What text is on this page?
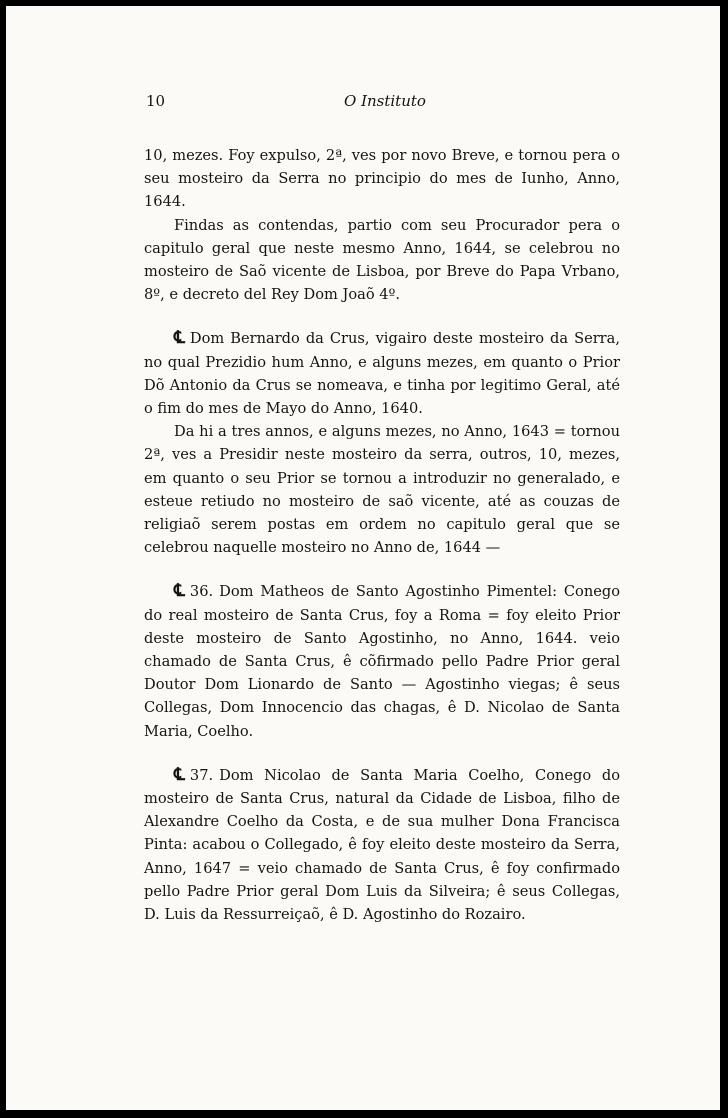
10	O Instituto

10, mezes. Foy expulso, 2ª, ves por novo Breve, e tornou pera o seu mosteiro da Serra no principio do mes de Iunho, Anno, 1644.

Findas as contendas, partio com seu Procurador pera o capitulo geral que neste mesmo Anno, 1644, se celebrou no mosteiro de Saõ vicente de Lisboa, por Breve do Papa Vrbano, 8º, e decreto del Rey Dom Joaõ 4º.

℄ Dom Bernardo da Crus, vigairo deste mosteiro da Serra, no qual Prezidio hum Anno, e alguns mezes, em quanto o Prior Dõ Antonio da Crus se nomeava, e tinha por legitimo Geral, até o fim do mes de Mayo do Anno, 1640.

Da hi a tres annos, e alguns mezes, no Anno, 1643 = tornou 2ª, ves a Presidir neste mosteiro da serra, outros, 10, mezes, em quanto o seu Prior se tornou a introduzir no generalado, e esteue retiudo no mosteiro de saõ vicente, até as couzas de religiaõ serem postas em ordem no capitulo geral que se celebrou naquelle mosteiro no Anno de, 1644 —

℄ 36. Dom Matheos de Santo Agostinho Pimentel: Conego do real mosteiro de Santa Crus, foy a Roma = foy eleito Prior deste mosteiro de Santo Agostinho, no Anno, 1644. veio chamado de Santa Crus, ê cõfirmado pello Padre Prior geral Doutor Dom Lionardo de Santo — Agostinho viegas; ê seus Collegas, Dom Innocencio das chagas, ê D. Nicolao de Santa Maria, Coelho.

℄ 37. Dom Nicolao de Santa Maria Coelho, Conego do mosteiro de Santa Crus, natural da Cidade de Lisboa, filho de Alexandre Coelho da Costa, e de sua mulher Dona Francisca Pinta: acabou o Collegado, ê foy eleito deste mosteiro da Serra, Anno, 1647 = veio chamado de Santa Crus, ê foy confirmado pello Padre Prior geral Dom Luis da Silveira; ê seus Collegas, D. Luis da Ressurreiçaõ, ê D. Agostinho do Rozairo.
